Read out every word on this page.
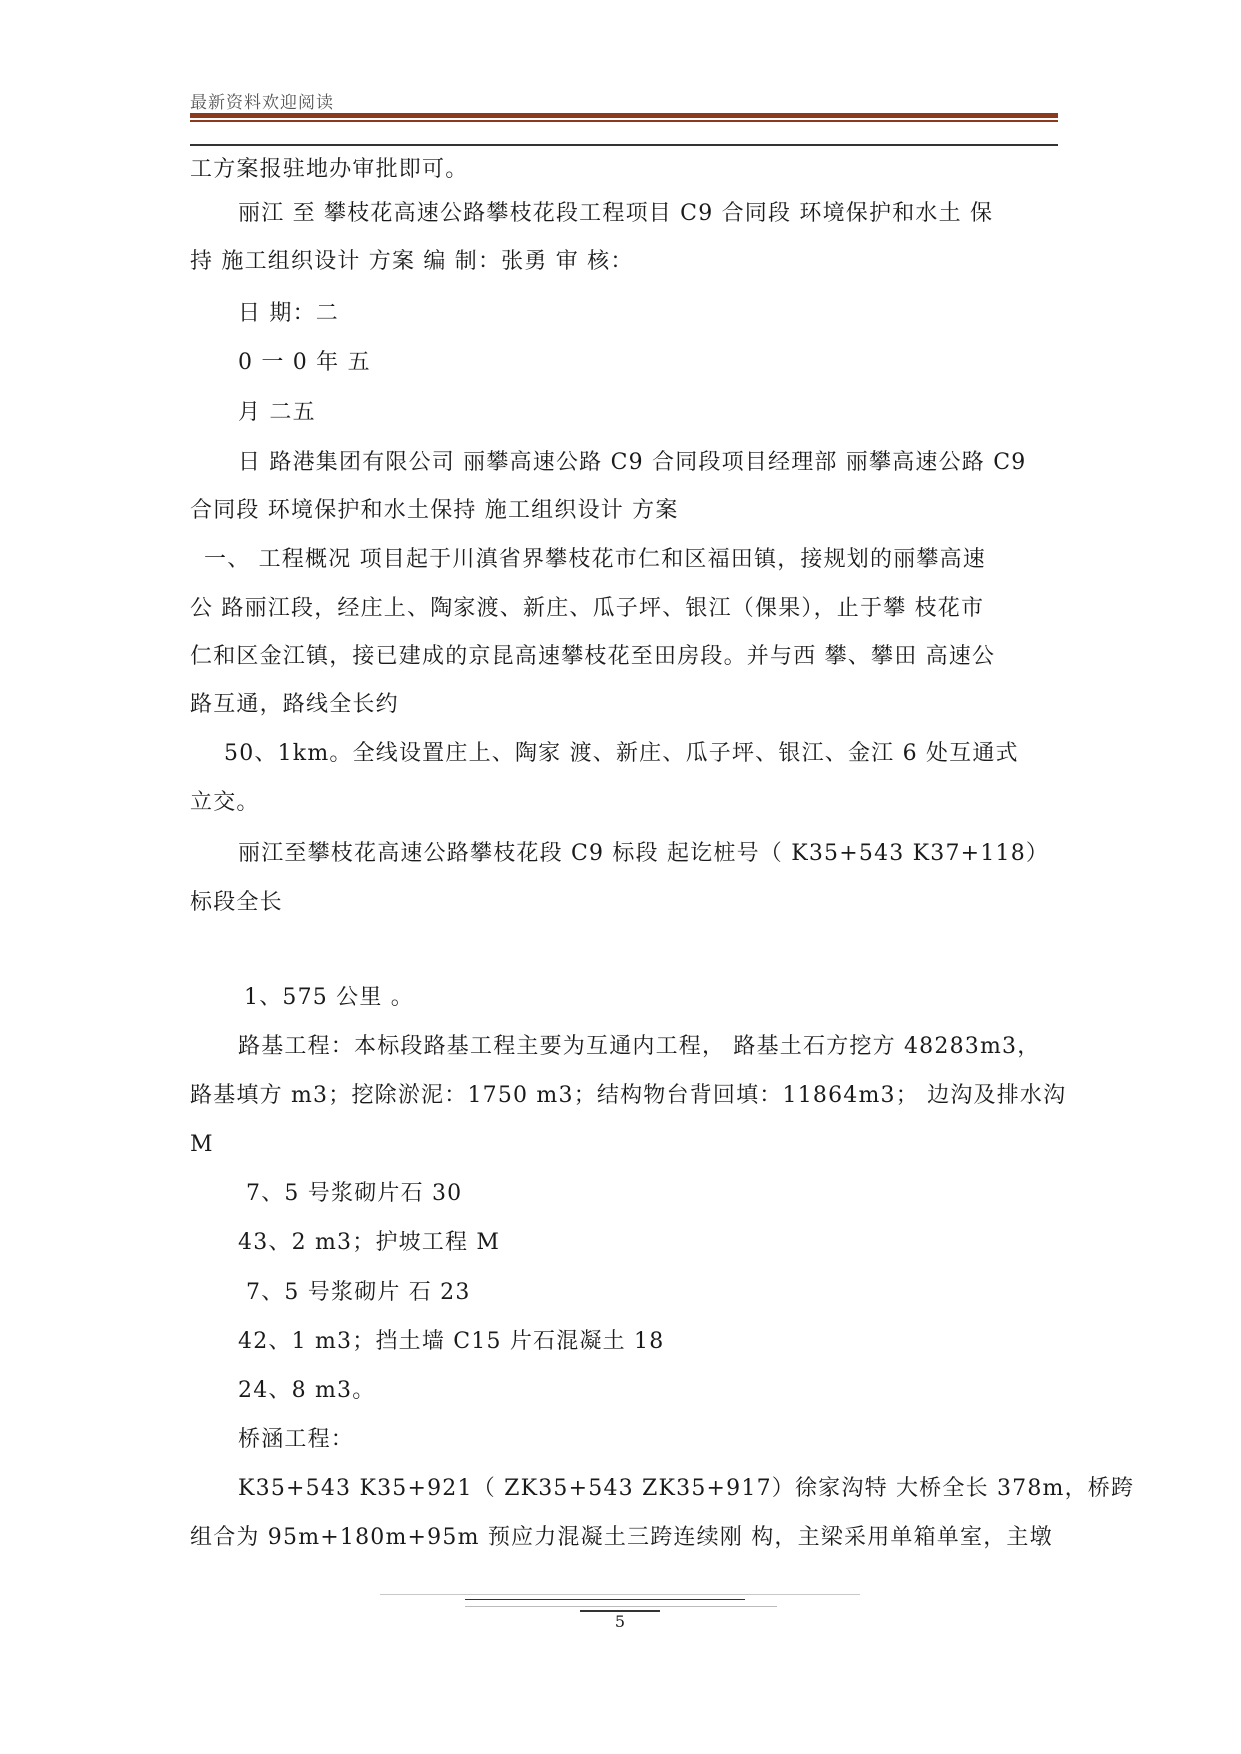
最新资料欢迎阅读
工方案报驻地办审批即可。
丽江 至 攀枝花高速公路攀枝花段工程项目 C9 合同段 环境保护和水土 保
持 施工组织设计 方案 编 制：张勇 审 核：
日 期：二
0 一 0 年 五
月 二五
日 路港集团有限公司 丽攀高速公路 C9 合同段项目经理部 丽攀高速公路 C9
合同段 环境保护和水土保持 施工组织设计 方案
一、 工程概况 项目起于川滇省界攀枝花市仁和区福田镇，接规划的丽攀高速
公 路丽江段，经庄上、陶家渡、新庄、瓜子坪、银江（倮果），止于攀 枝花市
仁和区金江镇，接已建成的京昆高速攀枝花至田房段。并与西 攀、攀田 高速公
路互通，路线全长约
50、1km。全线设置庄上、陶家 渡、新庄、瓜子坪、银江、金江 6 处互通式
立交。
丽江至攀枝花高速公路攀枝花段 C9 标段 起讫桩号（ K35+543 K37+118）
标段全长
1、575 公里 。
路基工程：本标段路基工程主要为互通内工程， 路基土石方挖方 48283m3，
路基填方 m3；挖除淤泥：1750 m3；结构物台背回填：11864m3； 边沟及排水沟
M
7、5 号浆砌片石 30
43、2 m3；护坡工程 M
7、5 号浆砌片 石 23
42、1 m3；挡土墙 C15 片石混凝土 18
24、8 m3。
桥涵工程：
K35+543 K35+921（ ZK35+543 ZK35+917）徐家沟特 大桥全长 378m，桥跨
组合为 95m+180m+95m 预应力混凝土三跨连续刚 构，主梁采用单箱单室，主墩
5
